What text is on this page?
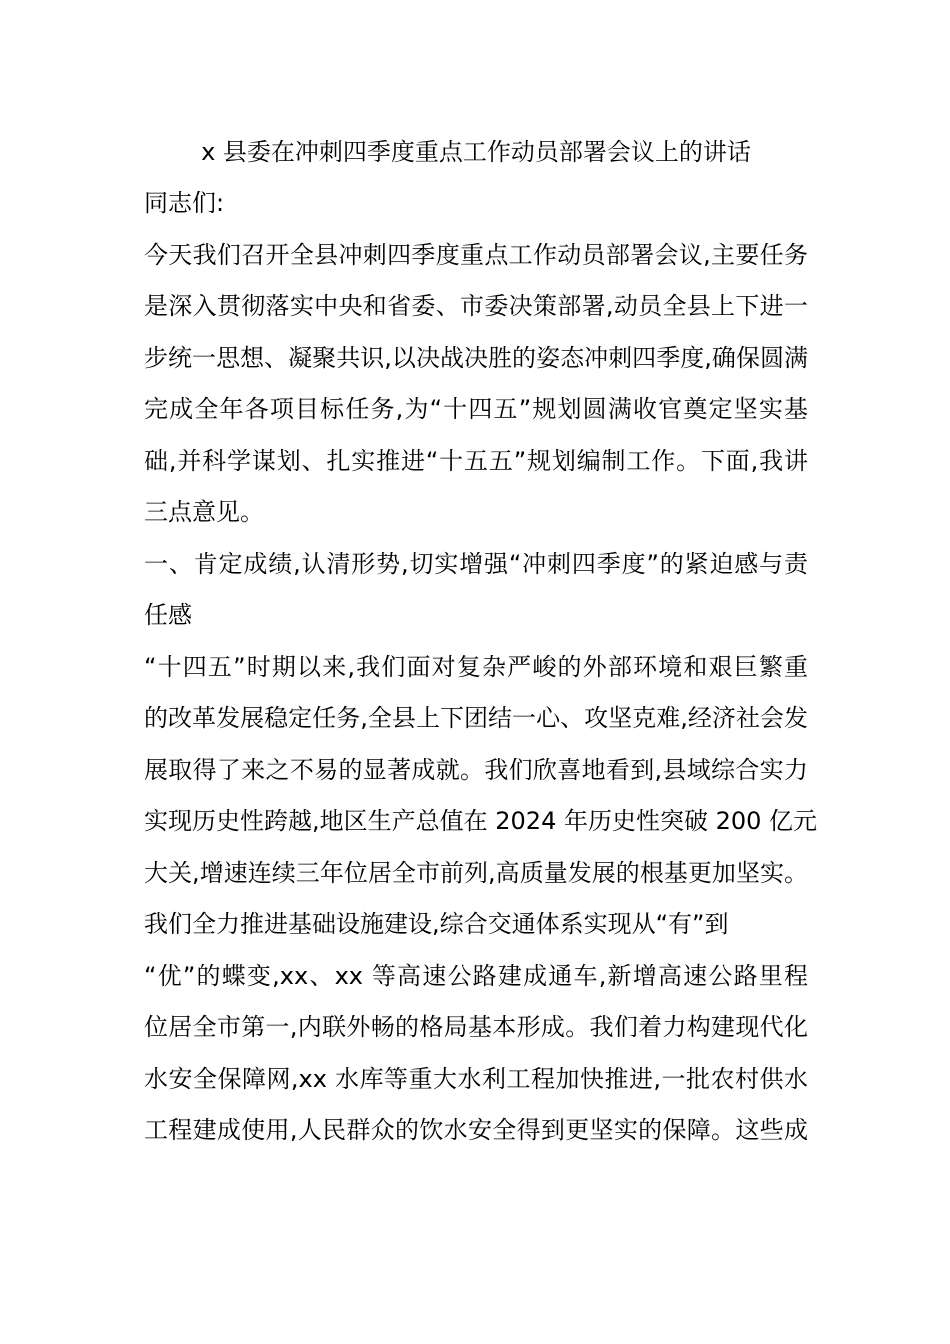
x 县委在冲刺四季度重点工作动员部署会议上的讲话
同志们:
今天我们召开全县冲刺四季度重点工作动员部署会议,主要任务
是深入贯彻落实中央和省委、市委决策部署,动员全县上下进一
步统一思想、凝聚共识,以决战决胜的姿态冲刺四季度,确保圆满
完成全年各项目标任务,为“十四五”规划圆满收官奠定坚实基
础,并科学谋划、扎实推进“十五五”规划编制工作。下面,我讲
三点意见。
一、肯定成绩,认清形势,切实增强“冲刺四季度”的紧迫感与责
任感
“十四五”时期以来,我们面对复杂严峻的外部环境和艰巨繁重
的改革发展稳定任务,全县上下团结一心、攻坚克难,经济社会发
展取得了来之不易的显著成就。我们欣喜地看到,县域综合实力
实现历史性跨越,地区生产总值在 2024 年历史性突破 200 亿元
大关,增速连续三年位居全市前列,高质量发展的根基更加坚实。
我们全力推进基础设施建设,综合交通体系实现从“有”到
“优”的蝶变,xx、xx 等高速公路建成通车,新增高速公路里程
位居全市第一,内联外畅的格局基本形成。我们着力构建现代化
水安全保障网,xx 水库等重大水利工程加快推进,一批农村供水
工程建成使用,人民群众的饮水安全得到更坚实的保障。这些成
